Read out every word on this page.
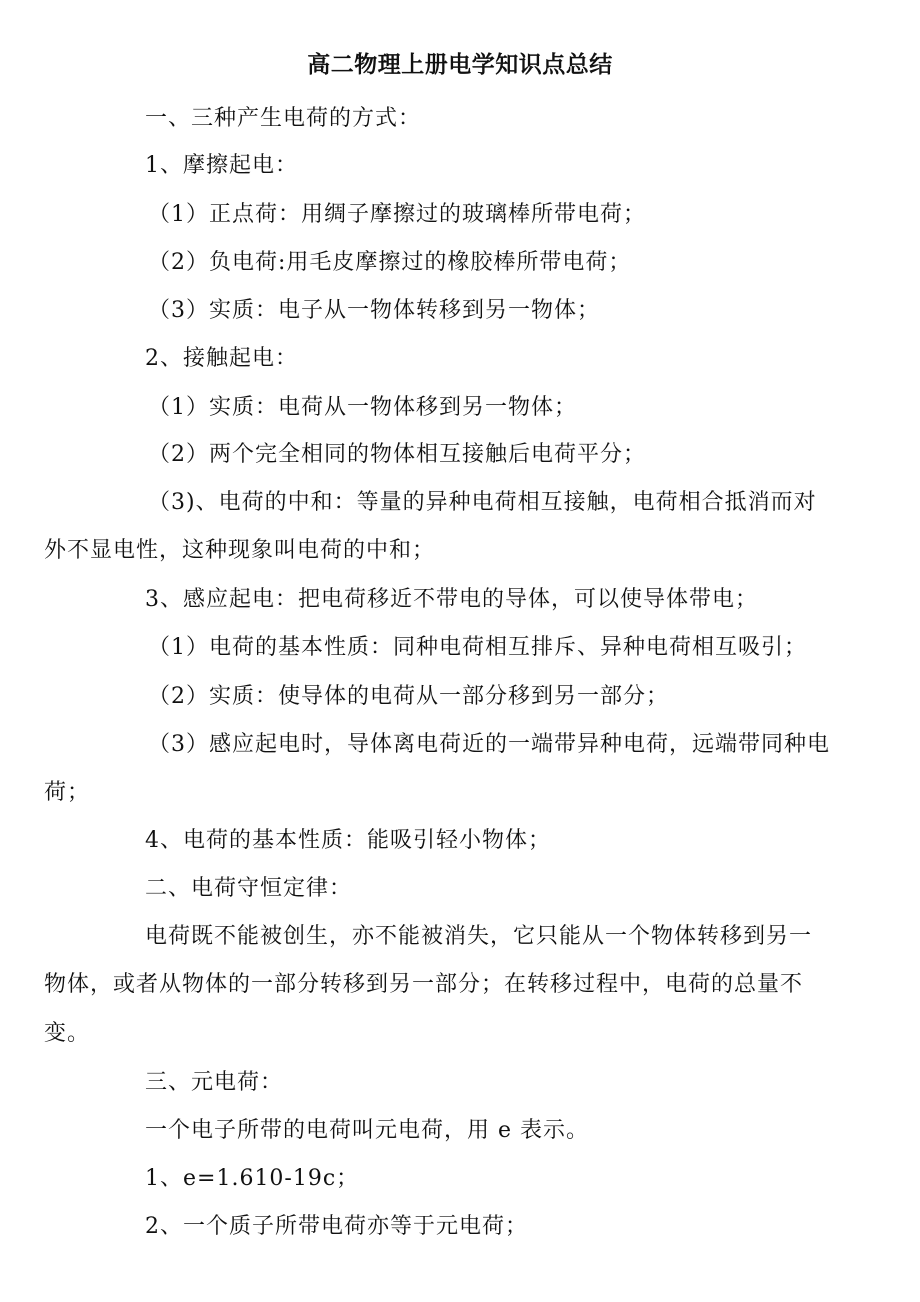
高二物理上册电学知识点总结
一、三种产生电荷的方式：
1、摩擦起电：
（1）正点荷：用绸子摩擦过的玻璃棒所带电荷；
（2）负电荷:用毛皮摩擦过的橡胶棒所带电荷；
（3）实质：电子从一物体转移到另一物体；
2、接触起电：
（1）实质：电荷从一物体移到另一物体；
（2）两个完全相同的物体相互接触后电荷平分；
（3)、电荷的中和：等量的异种电荷相互接触，电荷相合抵消而对
外不显电性，这种现象叫电荷的中和；
3、感应起电：把电荷移近不带电的导体，可以使导体带电；
（1）电荷的基本性质：同种电荷相互排斥、异种电荷相互吸引；
（2）实质：使导体的电荷从一部分移到另一部分；
（3）感应起电时，导体离电荷近的一端带异种电荷，远端带同种电
荷；
4、电荷的基本性质：能吸引轻小物体；
二、电荷守恒定律：
电荷既不能被创生，亦不能被消失，它只能从一个物体转移到另一
物体，或者从物体的一部分转移到另一部分；在转移过程中，电荷的总量不
变。
三、元电荷：
一个电子所带的电荷叫元电荷，用 e 表示。
1、e=1.610-19c；
2、一个质子所带电荷亦等于元电荷；
